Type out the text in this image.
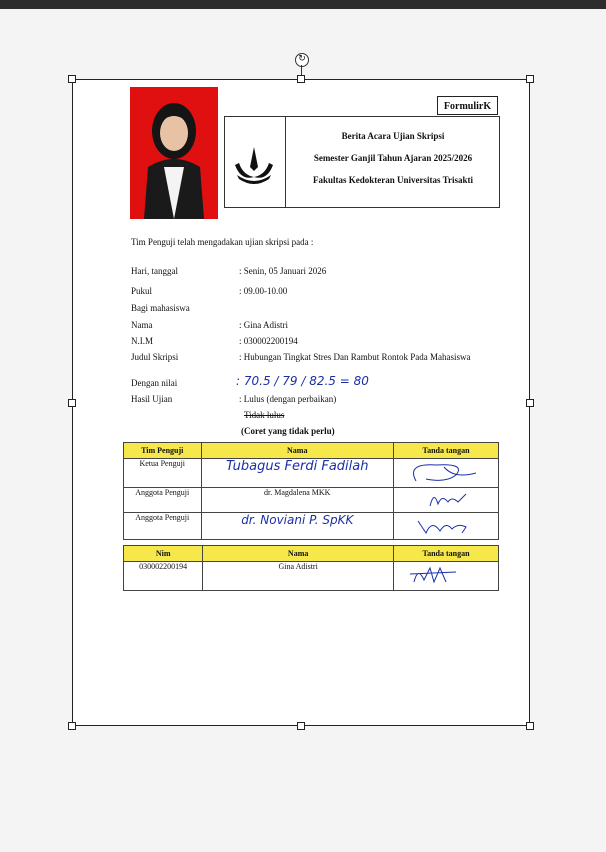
↻
FormulirK
Berita Acara Ujian Skripsi
Semester Ganjil Tahun Ajaran 2025/2026
Fakultas Kedokteran Universitas Trisakti
Tim Penguji telah mengadakan ujian skripsi pada :
Hari, tanggal	: Senin, 05 Januari 2026
Pukul	: 09.00-10.00
Bagi mahasiswa
Nama	: Gina Adistri
N.I.M	: 030002200194
Judul Skripsi	: Hubungan Tingkat Stres Dan Rambut Rontok Pada Mahasiswa
Dengan nilai	: 70.5 / 79 / 82.5 = 80
Hasil Ujian	: Lulus (dengan perbaikan)
Tidak lulus
(Coret yang tidak perlu)
Tim Penguji	Nama	Tanda tangan
Ketua Penguji	Tubagus Ferdi Fadilah	
Anggota Penguji	dr. Magdalena MKK	
Anggota Penguji	dr. Noviani P. SpKK	
Nim	Nama	Tanda tangan
030002200194	Gina Adistri	
